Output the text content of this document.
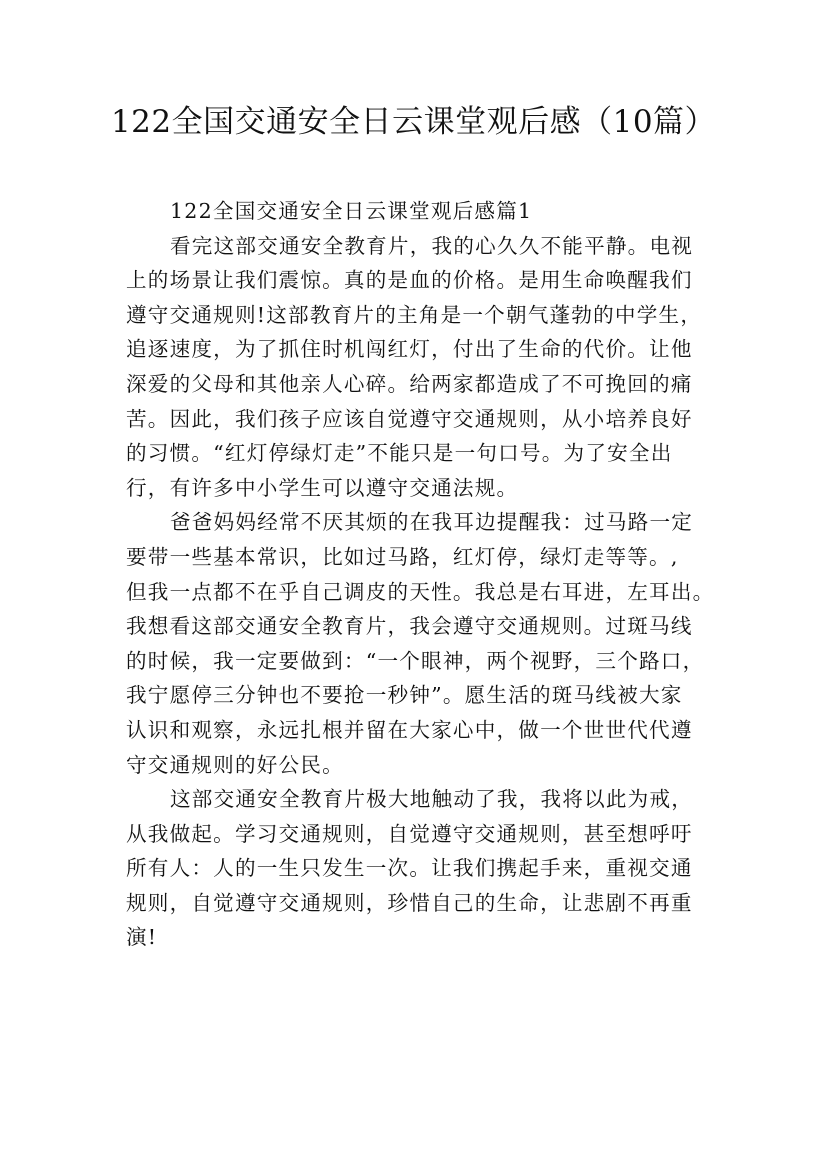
122全国交通安全日云课堂观后感（10篇）
122全国交通安全日云课堂观后感篇1
看完这部交通安全教育片，我的心久久不能平静。电视
上的场景让我们震惊。真的是血的价格。是用生命唤醒我们
遵守交通规则!这部教育片的主角是一个朝气蓬勃的中学生，
追逐速度，为了抓住时机闯红灯，付出了生命的代价。让他
深爱的父母和其他亲人心碎。给两家都造成了不可挽回的痛
苦。因此，我们孩子应该自觉遵守交通规则，从小培养良好
的习惯。“红灯停绿灯走”不能只是一句口号。为了安全出
行，有许多中小学生可以遵守交通法规。
爸爸妈妈经常不厌其烦的在我耳边提醒我：过马路一定
要带一些基本常识，比如过马路，红灯停，绿灯走等等。,
但我一点都不在乎自己调皮的天性。我总是右耳进，左耳出。
我想看这部交通安全教育片，我会遵守交通规则。过斑马线
的时候，我一定要做到：“一个眼神，两个视野，三个路口，
我宁愿停三分钟也不要抢一秒钟”。愿生活的斑马线被大家
认识和观察，永远扎根并留在大家心中，做一个世世代代遵
守交通规则的好公民。
这部交通安全教育片极大地触动了我，我将以此为戒，
从我做起。学习交通规则，自觉遵守交通规则，甚至想呼吁
所有人：人的一生只发生一次。让我们携起手来，重视交通
规则，自觉遵守交通规则，珍惜自己的生命，让悲剧不再重
演!
